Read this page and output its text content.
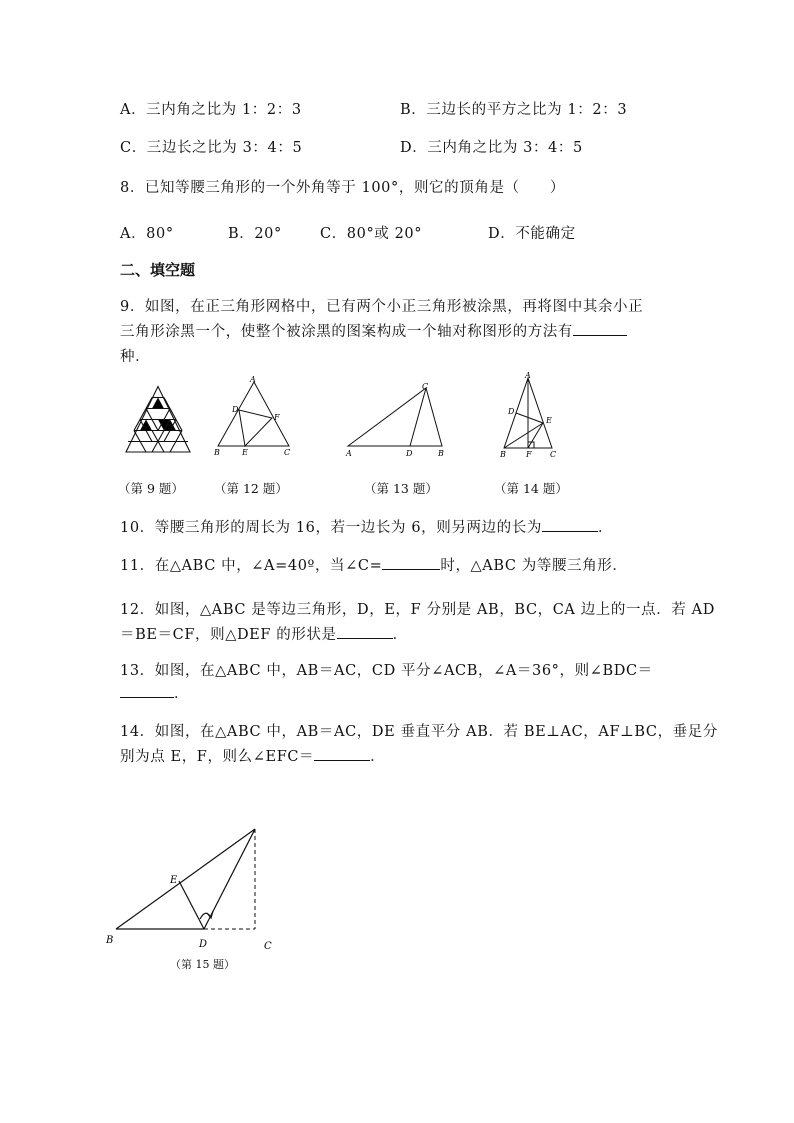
A．三内角之比为 1：2：3	B．三边长的平方之比为 1：2：3
C．三边长之比为 3：4：5	D．三内角之比为 3：4：5
8．已知等腰三角形的一个外角等于 100°，则它的顶角是（　　）
A．80°	B．20°	C．80°或 20°	D．不能确定
二、填空题
9．如图，在正三角形网格中，已有两个小正三角形被涂黑，再将图中其余小正
三角形涂黑一个，使整个被涂黑的图案构成一个轴对称图形的方法有
种．
A
D
F
B	E	C
C
A	D	B
A
D
E
B	F C
（第 9 题） （第 12 题）	（第 13 题）	（第 14 题）
10．等腰三角形的周长为 16，若一边长为 6，则另两边的长为	．
11．在△ABC 中，∠A=40º，当∠C=	时，△ABC 为等腰三角形．
12．如图，△ABC 是等边三角形，D，E，F 分别是 AB，BC，CA 边上的一点．若 AD
＝BE＝CF，则△DEF 的形状是	．
13．如图，在△ABC 中，AB＝AC，CD 平分∠ACB，∠A＝36°，则∠BDC＝
．
14．如图，在△ABC 中，AB＝AC，DE 垂直平分 AB．若 BE⊥AC，AF⊥BC，垂足分
别为点 E，F，则么∠EFC＝	．
E
B	D	C
（第 15 题）
